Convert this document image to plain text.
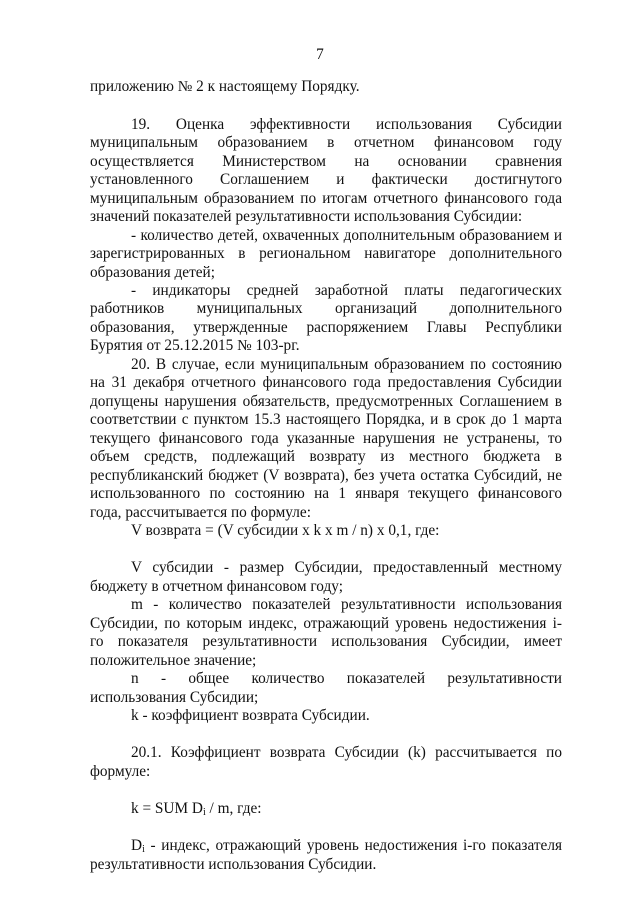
7
приложению № 2 к настоящему Порядку.
19. Оценка эффективности использования Субсидии
муниципальным образованием в отчетном финансовом году
осуществляется Министерством на основании сравнения
установленного Соглашением и фактически достигнутого
муниципальным образованием по итогам отчетного финансового года
значений показателей результативности использования Субсидии:
- количество детей, охваченных дополнительным образованием и
зарегистрированных в региональном навигаторе дополнительного
образования детей;
- индикаторы средней заработной платы педагогических
работников муниципальных организаций дополнительного
образования, утвержденные распоряжением Главы Республики
Бурятия от 25.12.2015 № 103-рг.
20. В случае, если муниципальным образованием по состоянию
на 31 декабря отчетного финансового года предоставления Субсидии
допущены нарушения обязательств, предусмотренных Соглашением в
соответствии с пунктом 15.3 настоящего Порядка, и в срок до 1 марта
текущего финансового года указанные нарушения не устранены, то
объем средств, подлежащий возврату из местного бюджета в
республиканский бюджет (V возврата), без учета остатка Субсидий, не
использованного по состоянию на 1 января текущего финансового
года, рассчитывается по формуле:
V возврата = (V субсидии x k x m / n) x 0,1, где:
V субсидии - размер Субсидии, предоставленный местному
бюджету в отчетном финансовом году;
m - количество показателей результативности использования
Субсидии, по которым индекс, отражающий уровень недостижения i-
го показателя результативности использования Субсидии, имеет
положительное значение;
n - общее количество показателей результативности
использования Субсидии;
k - коэффициент возврата Субсидии.
20.1. Коэффициент возврата Субсидии (k) рассчитывается по
формуле:
k = SUM $D_i$ / m, где:
$D_i$ - индекс, отражающий уровень недостижения i-го показателя
результативности использования Субсидии.
